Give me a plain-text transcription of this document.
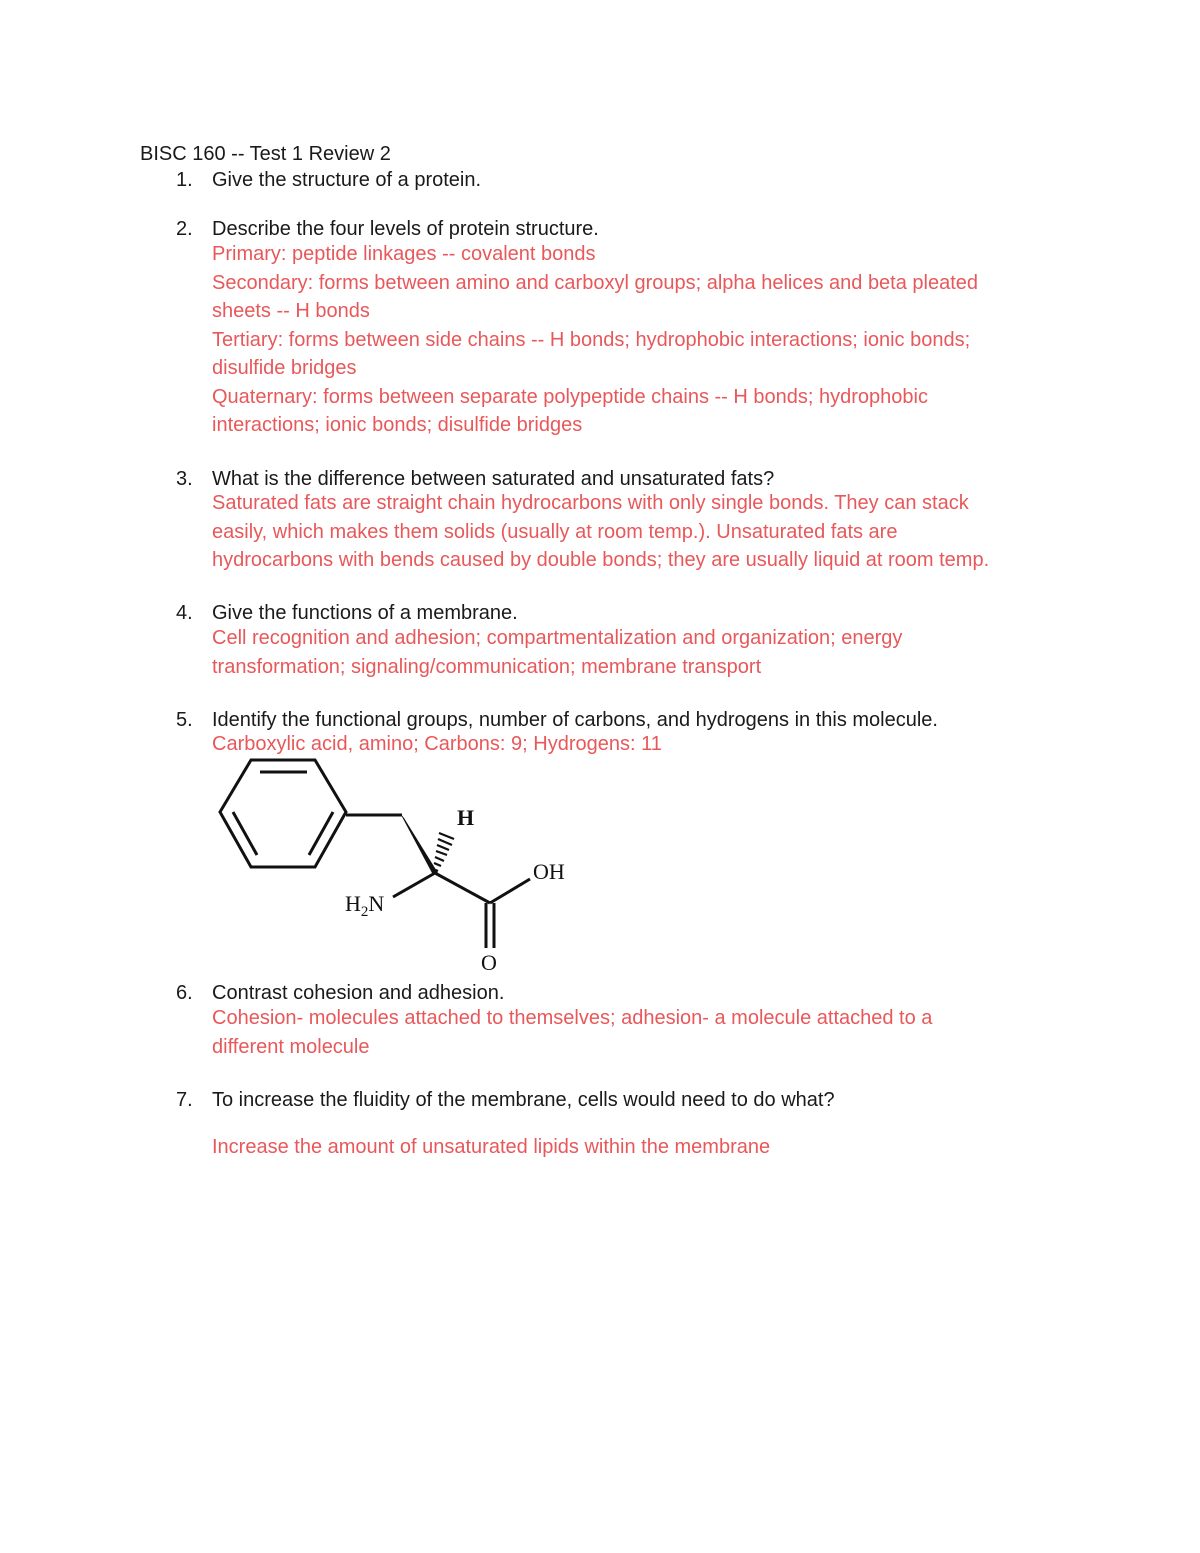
BISC 160 -- Test 1 Review 2
1. Give the structure of a protein.
2. Describe the four levels of protein structure.
Primary: peptide linkages -- covalent bonds
Secondary: forms between amino and carboxyl groups; alpha helices and beta pleated
sheets -- H bonds
Tertiary: forms between side chains -- H bonds; hydrophobic interactions; ionic bonds;
disulfide bridges
Quaternary: forms between separate polypeptide chains -- H bonds; hydrophobic
interactions; ionic bonds; disulfide bridges
3. What is the difference between saturated and unsaturated fats?
Saturated fats are straight chain hydrocarbons with only single bonds. They can stack
easily, which makes them solids (usually at room temp.). Unsaturated fats are
hydrocarbons with bends caused by double bonds; they are usually liquid at room temp.
4. Give the functions of a membrane.
Cell recognition and adhesion; compartmentalization and organization; energy
transformation; signaling/communication; membrane transport
5. Identify the functional groups, number of carbons, and hydrogens in this molecule.
Carboxylic acid, amino; Carbons: 9; Hydrogens: 11
H
OH
$H_2N$
O
6. Contrast cohesion and adhesion.
Cohesion- molecules attached to themselves; adhesion- a molecule attached to a
different molecule
7. To increase the fluidity of the membrane, cells would need to do what?
Increase the amount of unsaturated lipids within the membrane
